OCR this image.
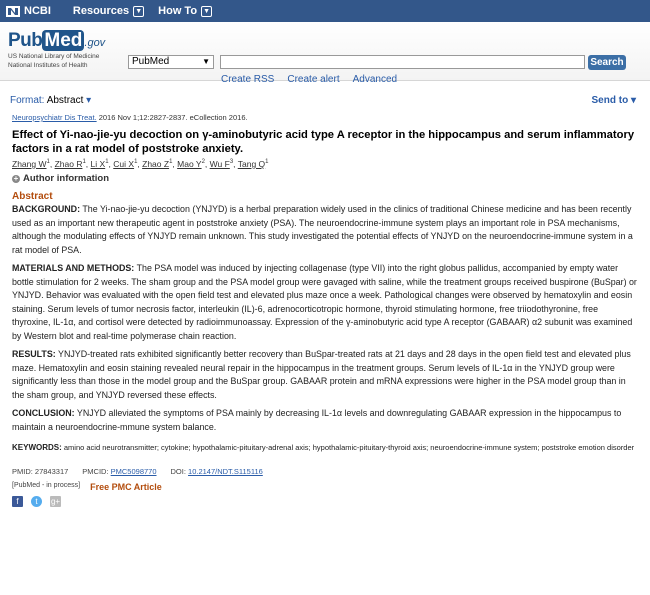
NCBI Resources ▼ How To ▼
Pub Med .gov
US National Library of Medicine
National Institutes of Health	PubMed	▼	Search
Create RSS Create alert Advanced
Format: Abstract ▾	Send to ▾
Neuropsychiatr Dis Treat. 2016 Nov 1;12:2827-2837. eCollection 2016.
Effect of Yi-nao-jie-yu decoction on γ-aminobutyric acid type A receptor in the hippocampus and serum inflammatory factors in a rat model of poststroke anxiety.
Zhang $W^1$, Zhao $R^1$, Li $X^1$, Cui $X^1$, Zhao $Z^1$, Mao $Y^2$, Wu $F^3$, Tang $Q^1$
+ Author information
Abstract
BACKGROUND: The Yi-nao-jie-yu decoction (YNJYD) is a herbal preparation widely used in the clinics of traditional Chinese medicine and has been recently used as an important new therapeutic agent in poststroke anxiety (PSA). The neuroendocrine-immune system plays an important role in PSA mechanisms, although the modulating effects of YNJYD remain unknown. This study investigated the potential effects of YNJYD on the neuroendocrine-immune system in a rat model of PSA.
MATERIALS AND METHODS: The PSA model was induced by injecting collagenase (type VII) into the right globus pallidus, accompanied by empty water bottle stimulation for 2 weeks. The sham group and the PSA model group were gavaged with saline, while the treatment groups received buspirone (BuSpar) or YNJYD. Behavior was evaluated with the open field test and elevated plus maze once a week. Pathological changes were observed by hematoxylin and eosin staining. Serum levels of tumor necrosis factor, interleukin (IL)-6, adrenocorticotropic hormone, thyroid stimulating hormone, free triiodothyronine, free thyroxine, IL-1α, and cortisol were detected by radioimmunoassay. Expression of the γ-aminobutyric acid type A receptor (GABAAR) α2 subunit was examined by Western blot and real-time polymerase chain reaction.
RESULTS: YNJYD-treated rats exhibited significantly better recovery than BuSpar-treated rats at 21 days and 28 days in the open field test and elevated plus maze. Hematoxylin and eosin staining revealed neural repair in the hippocampus in the treatment groups. Serum levels of IL-1α in the YNJYD group were significantly less than those in the model group and the BuSpar group. GABAAR protein and mRNA expressions were higher in the PSA model group than in the sham group, and YNJYD reversed these effects.
CONCLUSION: YNJYD alleviated the symptoms of PSA mainly by decreasing IL-1α levels and downregulating GABAAR expression in the hippocampus to maintain a neuroendocrine-mmune system balance.
KEYWORDS: amino acid neurotransmitter; cytokine; hypothalamic-pituitary-adrenal axis; hypothalamic-pituitary-thyroid axis; neuroendocrine-immune system; poststroke emotion disorder
PMID: 27843317 PMCID: PMC5098770 DOI: 10.2147/NDT.S115116
[PubMed - in process] Free PMC Article
f	t	g+
